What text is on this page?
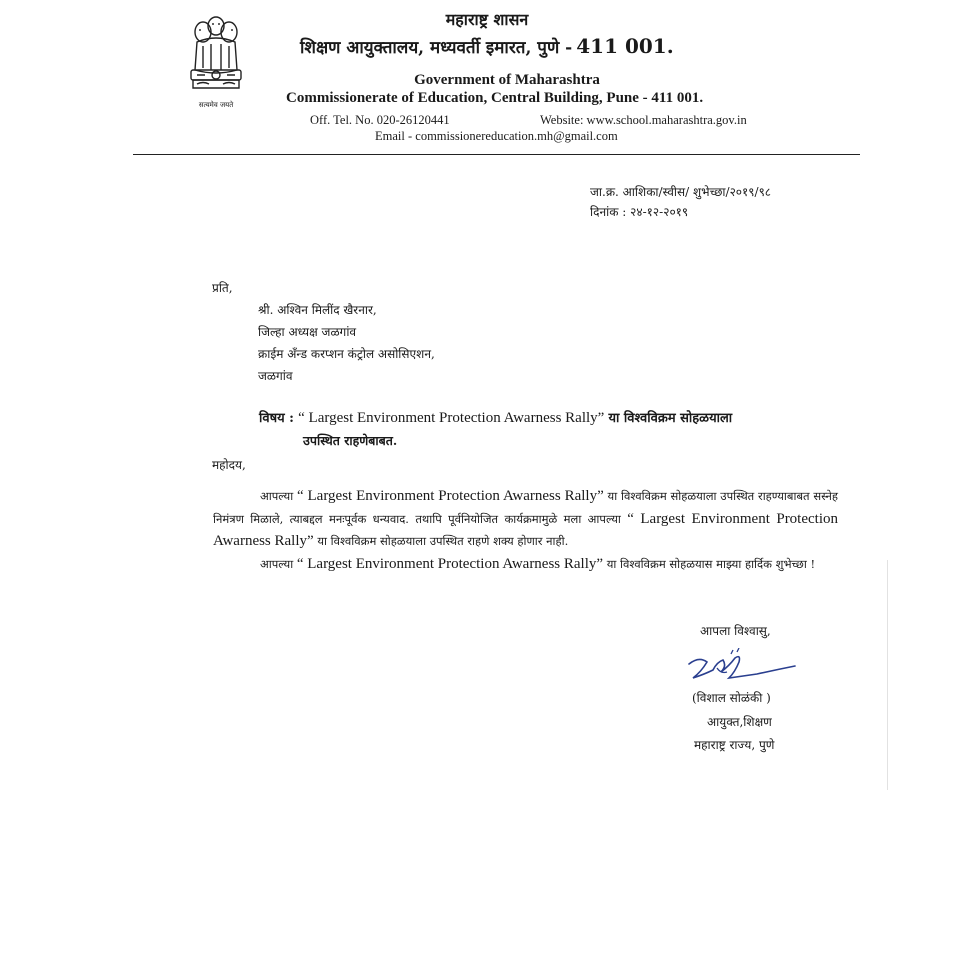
सत्यमेव जयते
महाराष्ट्र शासन
शिक्षण आयुक्तालय, मध्यवर्ती इमारत, पुणे - 411 001.
Government of Maharashtra
Commissionerate of Education, Central Building, Pune - 411 001.
Off. Tel. No. 020-26120441	Website: www.school.maharashtra.gov.in
Email - commissionereducation.mh@gmail.com
जा.क्र. आशिका/स्वीस/ शुभेच्छा/२०१९/९८
दिनांक : २४-१२-२०१९
प्रति,
श्री. अश्विन मिलींद खैरनार,
जिल्हा अध्यक्ष जळगांव
क्राईम अँन्ड करप्शन कंट्रोल असोसिएशन,
जळगांव
विषय : “ Largest Environment Protection Awarness Rally” या विश्वविक्रम सोहळयाला
उपस्थित राहणेबाबत.
महोदय,
आपल्या “ Largest Environment Protection Awarness Rally” या विश्वविक्रम सोहळयाला उपस्थित राहण्याबाबत सस्नेह निमंत्रण मिळाले, त्याबद्दल मनःपूर्वक धन्यवाद. तथापि पूर्वनियोजित कार्यक्रमामुळे मला आपल्या “ Largest Environment Protection Awarness Rally” या विश्वविक्रम सोहळयाला उपस्थित राहणे शक्य होणार नाही.
आपल्या “ Largest Environment Protection Awarness Rally” या विश्वविक्रम सोहळयास माझ्या हार्दिक शुभेच्छा !
आपला विश्वासु,
(विशाल सोळंकी )
आयुक्त,शिक्षण
महाराष्ट्र राज्य, पुणे
